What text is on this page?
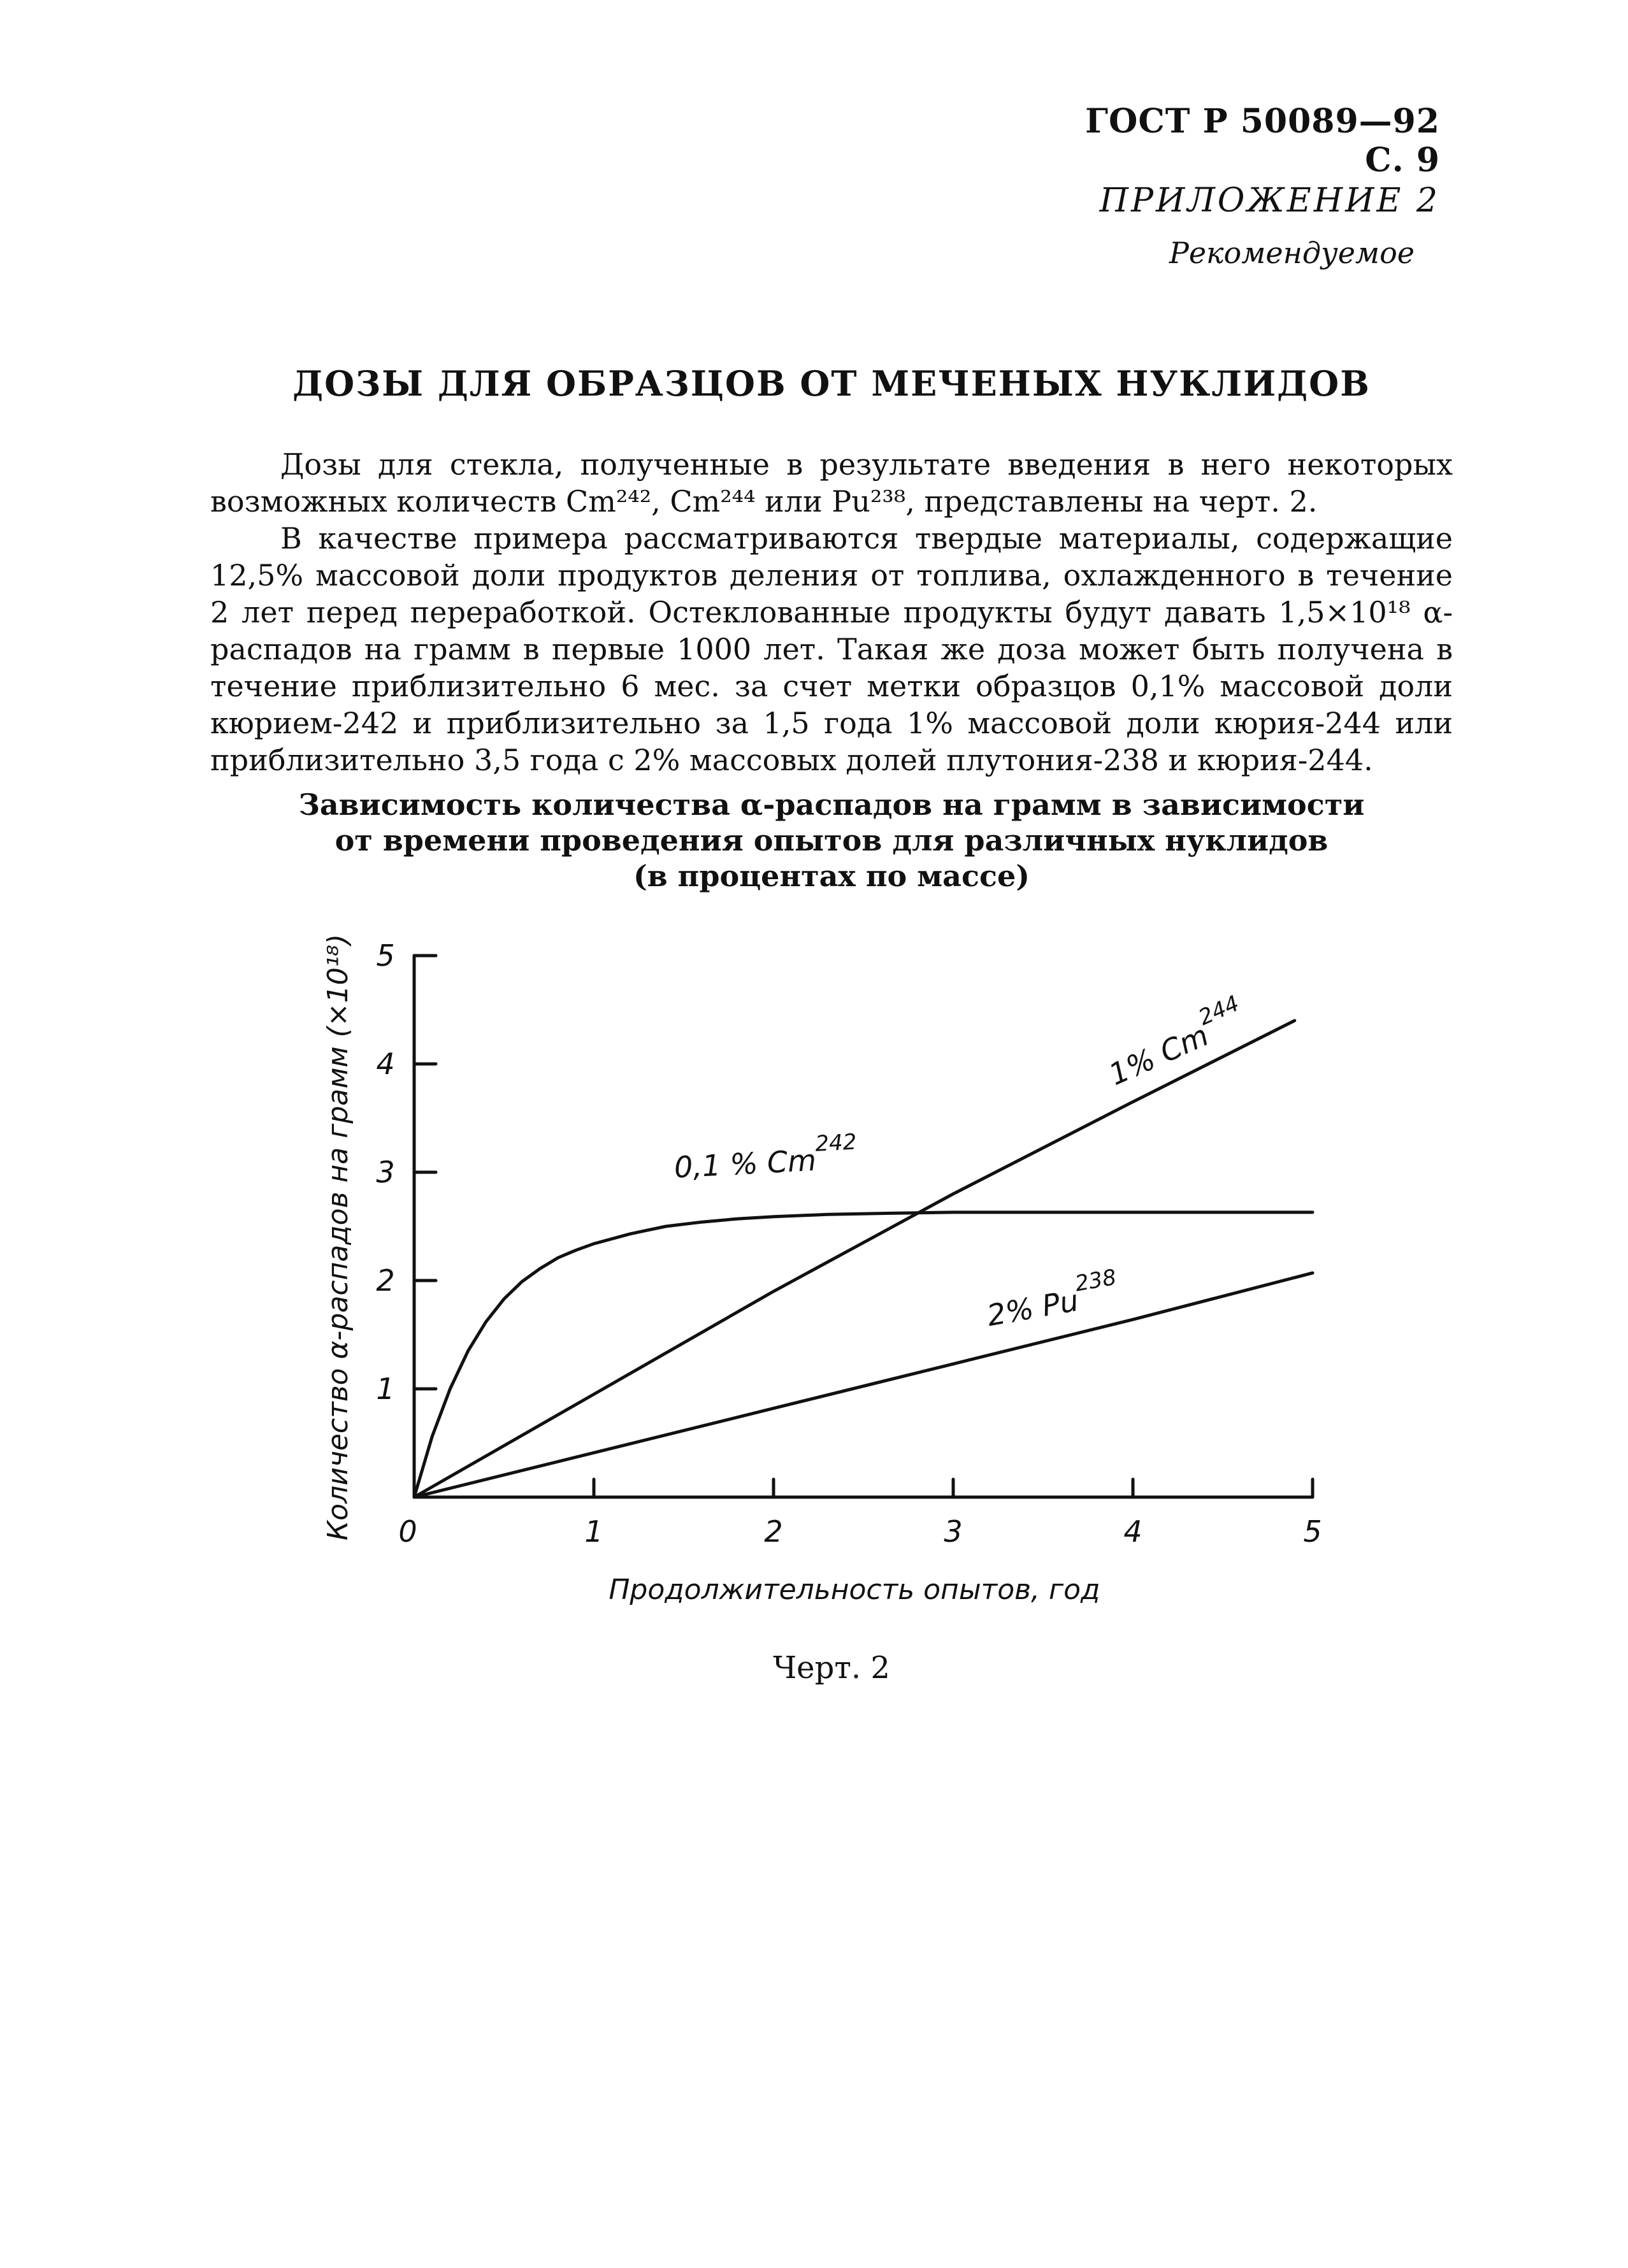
ГОСТ Р 50089—92 С. 9
ПРИЛОЖЕНИЕ 2
Рекомендуемое
ДОЗЫ ДЛЯ ОБРАЗЦОВ ОТ МЕЧЕНЫХ НУКЛИДОВ

Дозы для стекла, полученные в результате введения в него некоторых возможных количеств Cm²⁴², Cm²⁴⁴ или Pu²³⁸, представлены на черт. 2.

В качестве примера рассматриваются твердые материалы, содержащие 12,5% массовой доли продуктов деления от топлива, охлажденного в течение 2 лет перед переработкой. Остеклованные продукты будут давать 1,5×10¹⁸ α-распадов на грамм в первые 1000 лет. Такая же доза может быть получена в течение приблизительно 6 мес. за счет метки образцов 0,1% массовой доли кюрием-242 и приблизительно за 1,5 года 1% массовой доли кюрия-244 или приблизительно 3,5 года с 2% массовых долей плутония-238 и кюрия-244.

Зависимость количества α-распадов на грамм в зависимости
от времени проведения опытов для различных нуклидов
(в процентах по массе)
1
2
3
4
5
0	1	2	3	4	5
Продолжительность опытов, год
Количество α-распадов на грамм (×10¹⁸)	0,1 % Cm$^{242}$
1% Cm$^{244}$
2% Pu$^{238}$
Черт. 2
